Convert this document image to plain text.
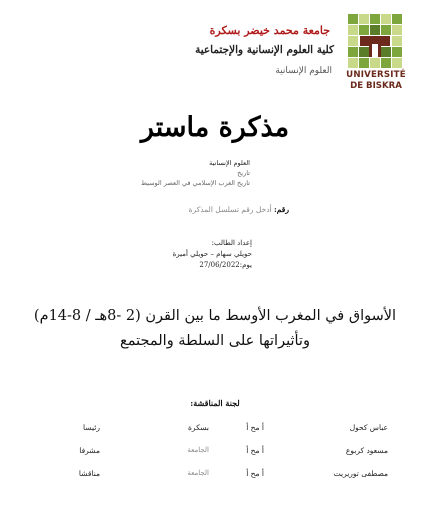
UNIVERSITÉ
DE BISKRA
جامعة محمد خيضر بسكرة
كلية العلوم الإنسانية والإجتماعية
العلوم الإنسانية
مذكرة ماستر
العلوم الإنسانية
تاريخ
تاريخ الغرب الإسلامي في العصر الوسيط
رقم: أدخل رقم تسلسل المذكرة
إعداد الطالب:
حويلي سهام – حويلي أميرة
يوم:27/06/2022
الأسواق في المغرب الأوسط ما بين القرن (2 -8هـ / 8-14م)
وتأثيراتها على السلطة والمجتمع
لجنة المناقشة:
عباس كحول
أ مح أ
بسكرة
رئيسا
مسعود كربوع
أ مح أ
الجامعة
مشرفا
مصطفى توريريت
أ مح أ
الجامعة
مناقشا
